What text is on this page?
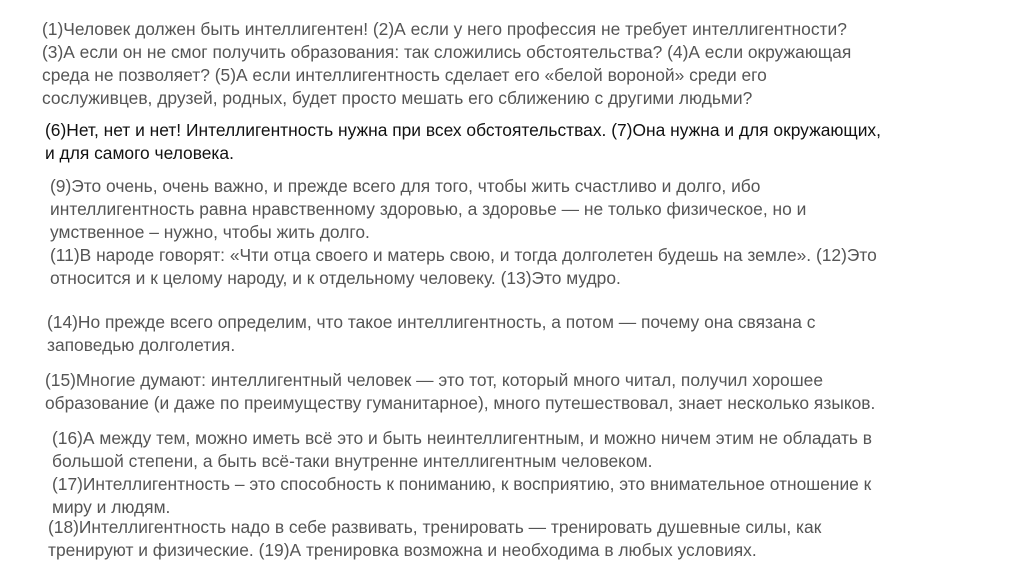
(1)Человек должен быть интеллигентен! (2)А если у него профессия не требует интеллигентности?
(3)А если он не смог получить образования: так сложились обстоятельства? (4)А если окружающая
среда не позволяет? (5)А если интеллигентность сделает его «белой вороной» среди его
сослуживцев, друзей, родных, будет просто мешать его сближению с другими людьми?
(6)Нет, нет и нет! Интеллигентность нужна при всех обстоятельствах. (7)Она нужна и для окружающих,
и для самого человека.
(9)Это очень, очень важно, и прежде всего для того, чтобы жить счастливо и долго, ибо
интеллигентность равна нравственному здоровью, а здоровье — не только физическое, но и
умственное – нужно, чтобы жить долго.
(11)В народе говорят: «Чти отца своего и матерь свою, и тогда долголетен будешь на земле». (12)Это
относится и к целому народу, и к отдельному человеку. (13)Это мудро.
(14)Но прежде всего определим, что такое интеллигентность, а потом — почему она связана с
заповедью долголетия.
(15)Многие думают: интеллигентный человек — это тот, который много читал, получил хорошее
образование (и даже по преимуществу гуманитарное), много путешествовал, знает несколько языков.
(16)А между тем, можно иметь всё это и быть неинтеллигентным, и можно ничем этим не обладать в
большой степени, а быть всё-таки внутренне интеллигентным человеком.
(17)Интеллигентность – это способность к пониманию, к восприятию, это внимательное отношение к
миру и людям.
(18)Интеллигентность надо в себе развивать, тренировать — тренировать душевные силы, как
тренируют и физические. (19)А тренировка возможна и необходима в любых условиях.
